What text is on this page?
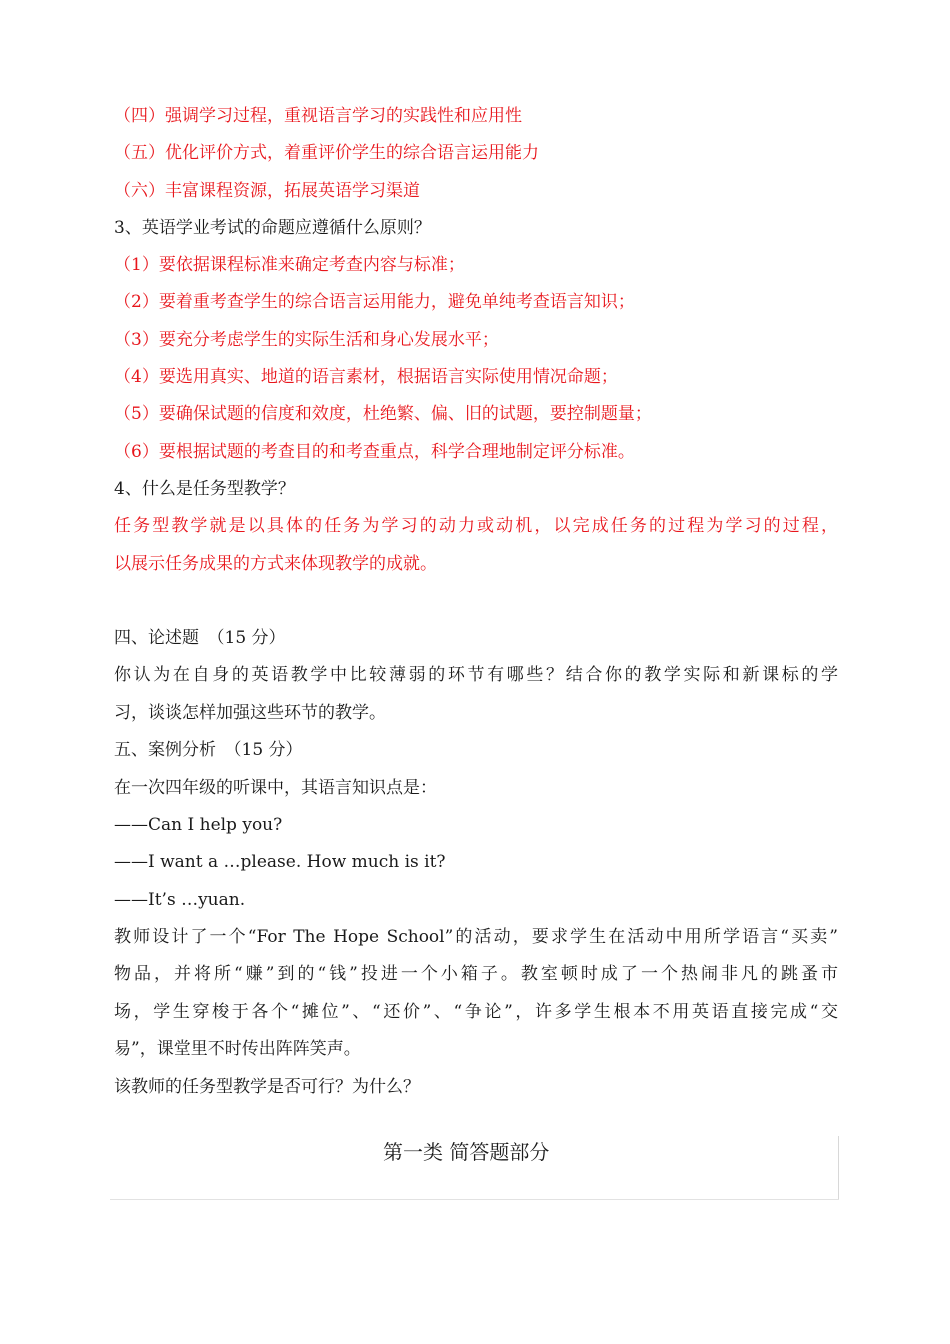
（四）强调学习过程，重视语言学习的实践性和应用性
（五）优化评价方式，着重评价学生的综合语言运用能力
（六）丰富课程资源，拓展英语学习渠道
3、英语学业考试的命题应遵循什么原则？
（1）要依据课程标准来确定考查内容与标准；
（2）要着重考查学生的综合语言运用能力，避免单纯考查语言知识；
（3）要充分考虑学生的实际生活和身心发展水平；
（4）要选用真实、地道的语言素材，根据语言实际使用情况命题；
（5）要确保试题的信度和效度，杜绝繁、偏、旧的试题，要控制题量；
（6）要根据试题的考查目的和考查重点，科学合理地制定评分标准。
4、什么是任务型教学？
任务型教学就是以具体的任务为学习的动力或动机，以完成任务的过程为学习的过程，
以展示任务成果的方式来体现教学的成就。
四、论述题　（15 分）
你认为在自身的英语教学中比较薄弱的环节有哪些？结合你的教学实际和新课标的学
习，谈谈怎样加强这些环节的教学。
五、案例分析　（15 分）
在一次四年级的听课中，其语言知识点是：
——Can I help you?
——I want a …please. How much is it?
——It’s …yuan.
教师设计了一个“For The Hope School”的活动，要求学生在活动中用所学语言“买卖”
物品，并将所“赚”到的“钱”投进一个小箱子。教室顿时成了一个热闹非凡的跳蚤市
场，学生穿梭于各个“摊位”、“还价”、“争论”，许多学生根本不用英语直接完成“交
易”，课堂里不时传出阵阵笑声。
该教师的任务型教学是否可行？为什么？
第一类 简答题部分
